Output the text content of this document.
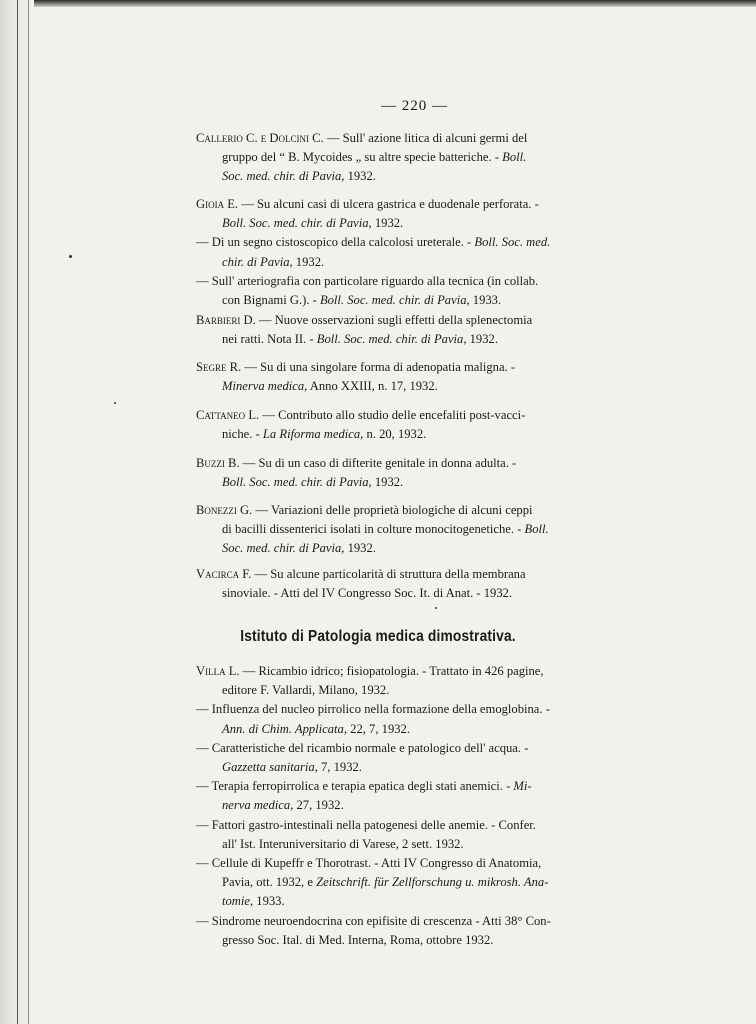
— 220 —
Callerio C. e Dolcini C. — Sull' azione litica di alcuni germi del
gruppo del “ B. Mycoides „ su altre specie batteriche. - Boll.
Soc. med. chir. di Pavia, 1932.
Gioia E. — Su alcuni casi di ulcera gastrica e duodenale perforata. -
Boll. Soc. med. chir. di Pavia, 1932.
— Di un segno cistoscopico della calcolosi ureterale. - Boll. Soc. med.
chir. di Pavia, 1932.
— Sull' arteriografia con particolare riguardo alla tecnica (in collab.
con Bignami G.). - Boll. Soc. med. chir. di Pavia, 1933.
Barbieri D. — Nuove osservazioni sugli effetti della splenectomia
nei ratti. Nota II. - Boll. Soc. med. chir. di Pavia, 1932.
Segre R. — Su di una singolare forma di adenopatia maligna. -
Minerva medica, Anno XXIII, n. 17, 1932.
Cattaneo L. — Contributo allo studio delle encefaliti post-vacci-
niche. - La Riforma medica, n. 20, 1932.
Buzzi B. — Su di un caso di difterite genitale in donna adulta. -
Boll. Soc. med. chir. di Pavia, 1932.
Bonezzi G. — Variazioni delle proprietà biologiche di alcuni ceppi
di bacilli dissenterici isolati in colture monocitogenetiche. - Boll.
Soc. med. chir. di Pavia, 1932.
Vacirca F. — Su alcune particolarità di struttura della membrana
sinoviale. - Atti del IV Congresso Soc. It. di Anat. - 1932.
Istituto di Patologia medica dimostrativa.
Villa L. — Ricambio idrico; fisiopatologia. - Trattato in 426 pagine,
editore F. Vallardi, Milano, 1932.
— Influenza del nucleo pirrolico nella formazione della emoglobina. -
Ann. di Chim. Applicata, 22, 7, 1932.
— Caratteristiche del ricambio normale e patologico dell' acqua. -
Gazzetta sanitaria, 7, 1932.
— Terapia ferropirrolica e terapia epatica degli stati anemici. - Mi-
nerva medica, 27, 1932.
— Fattori gastro-intestinali nella patogenesi delle anemie. - Confer.
all' Ist. Interuniversitario di Varese, 2 sett. 1932.
— Cellule di Kupeffr e Thorotrast. - Atti IV Congresso di Anatomia,
Pavia, ott. 1932, e Zeitschrift. für Zellforschung u. mikrosh. Ana-
tomie, 1933.
— Sindrome neuroendocrina con epifisite di crescenza - Atti 38° Con-
gresso Soc. Ital. di Med. Interna, Roma, ottobre 1932.
